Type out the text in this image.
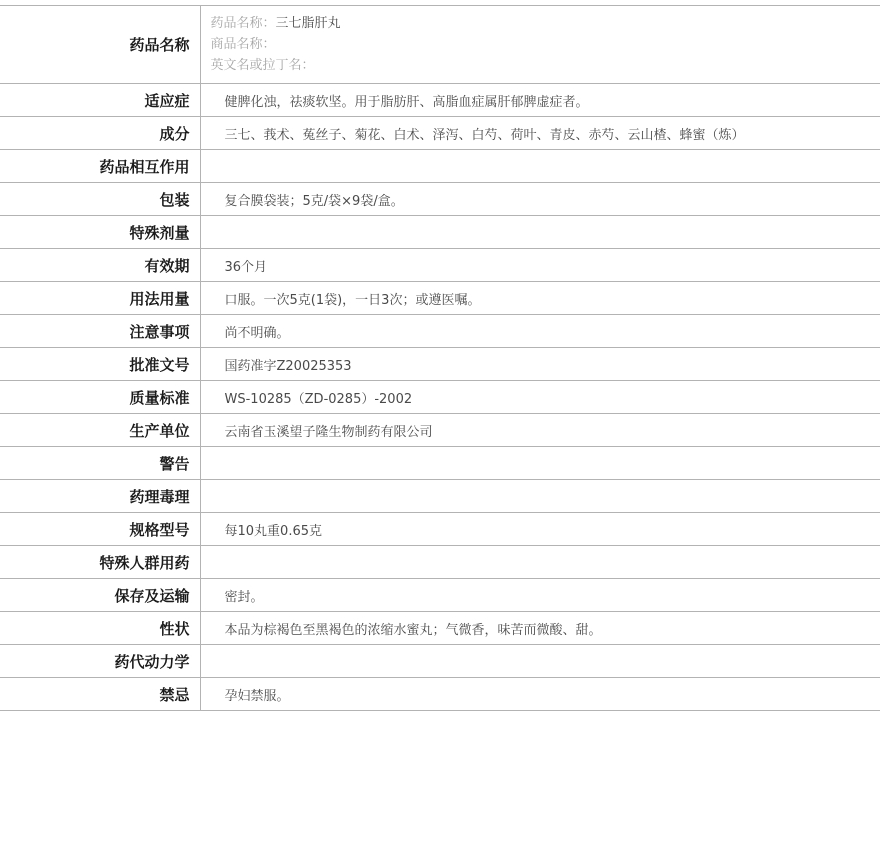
药品名称	药品名称：三七脂肝丸
商品名称：
英文名或拉丁名：

适应症	健脾化浊，祛痰软坚。用于脂肪肝、高脂血症属肝郁脾虚症者。
成分	三七、莪术、菟丝子、菊花、白术、泽泻、白芍、荷叶、青皮、赤芍、云山楂、蜂蜜（炼）
药品相互作用	
包装	复合膜袋装；5克/袋×9袋/盒。
特殊剂量	
有效期	36个月
用法用量	口服。一次5克(1袋)，一日3次；或遵医嘱。
注意事项	尚不明确。
批准文号	国药准字Z20025353
质量标准	WS-10285（ZD-0285）-2002
生产单位	云南省玉溪望子隆生物制药有限公司
警告	
药理毒理	
规格型号	每10丸重0.65克
特殊人群用药	
保存及运输	密封。
性状	本品为棕褐色至黑褐色的浓缩水蜜丸；气微香，味苦而微酸、甜。
药代动力学	
禁忌	孕妇禁服。
